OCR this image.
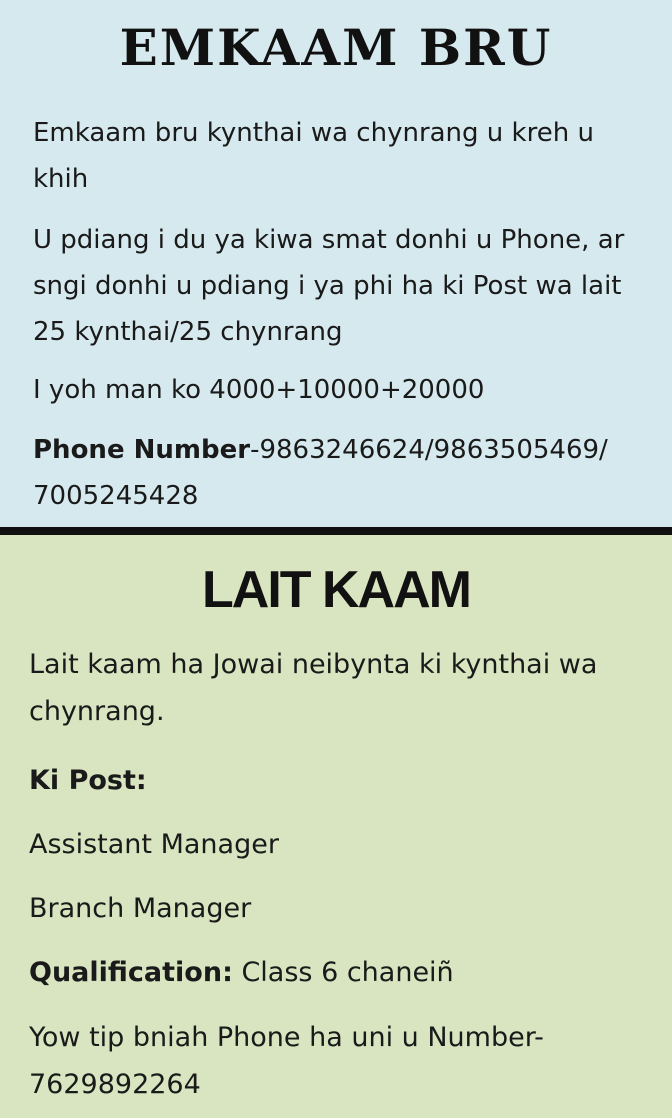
EMKAAM BRU

Emkaam bru kynthai wa chynrang u kreh u khih

U pdiang i du ya kiwa smat donhi u Phone, ar sngi donhi u pdiang i ya phi ha ki Post wa lait 25 kynthai/25 chynrang

I yoh man ko 4000+10000+20000

Phone Number-9863246624/9863505469/ 7005245428

LAIT KAAM

Lait kaam ha Jowai neibynta ki kynthai wa chynrang.

Ki Post:

Assistant Manager

Branch Manager

Qualification: Class 6 chaneiñ

Yow tip bniah Phone ha uni u Number- 7629892264
